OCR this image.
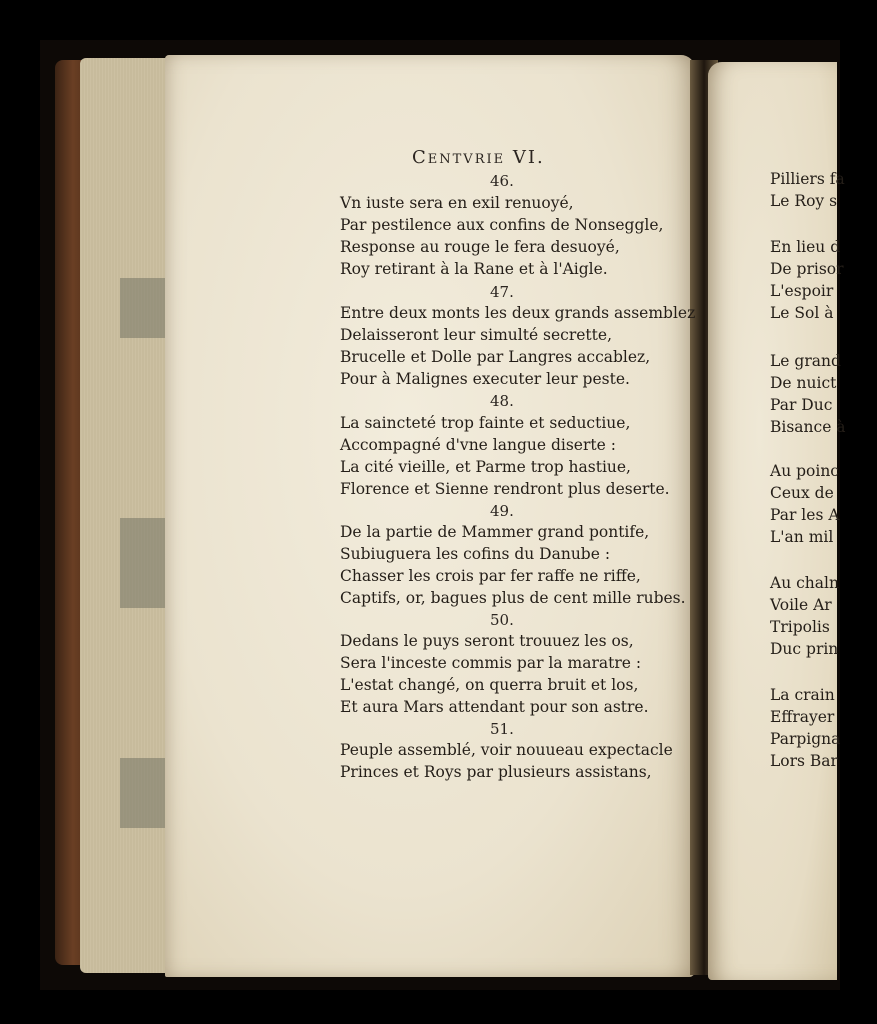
Centvrie VI.
46.
Vn iuste sera en exil renuoyé,
Par pestilence aux confins de Nonseggle,
Response au rouge le fera desuoyé,
Roy retirant à la Rane et à l'Aigle.
47.
Entre deux monts les deux grands assemblez
Delaisseront leur simulté secrette,
Brucelle et Dolle par Langres accablez,
Pour à Malignes executer leur peste.
48.
La saincteté trop fainte et seductiue,
Accompagné d'vne langue diserte :
La cité vieille, et Parme trop hastiue,
Florence et Sienne rendront plus deserte.
49.
De la partie de Mammer grand pontife,
Subiuguera les cofins du Danube :
Chasser les crois par fer raffe ne riffe,
Captifs, or, bagues plus de cent mille rubes.
50.
Dedans le puys seront trouuez les os,
Sera l'inceste commis par la maratre :
L'estat changé, on querra bruit et los,
Et aura Mars attendant pour son astre.
51.
Peuple assemblé, voir nouueau expectacle
Princes et Roys par plusieurs assistans,
Pilliers fa
Le Roy s
En lieu d
De prisor
L'espoir
Le Sol à
Le grand
De nuict
Par Duc
Bisance à
Au poinc
Ceux de
Par les A
L'an mil
Au chaln
Voile Ar
Tripolis
Duc prin
La crain
Effrayer
Parpigna
Lors Bar
